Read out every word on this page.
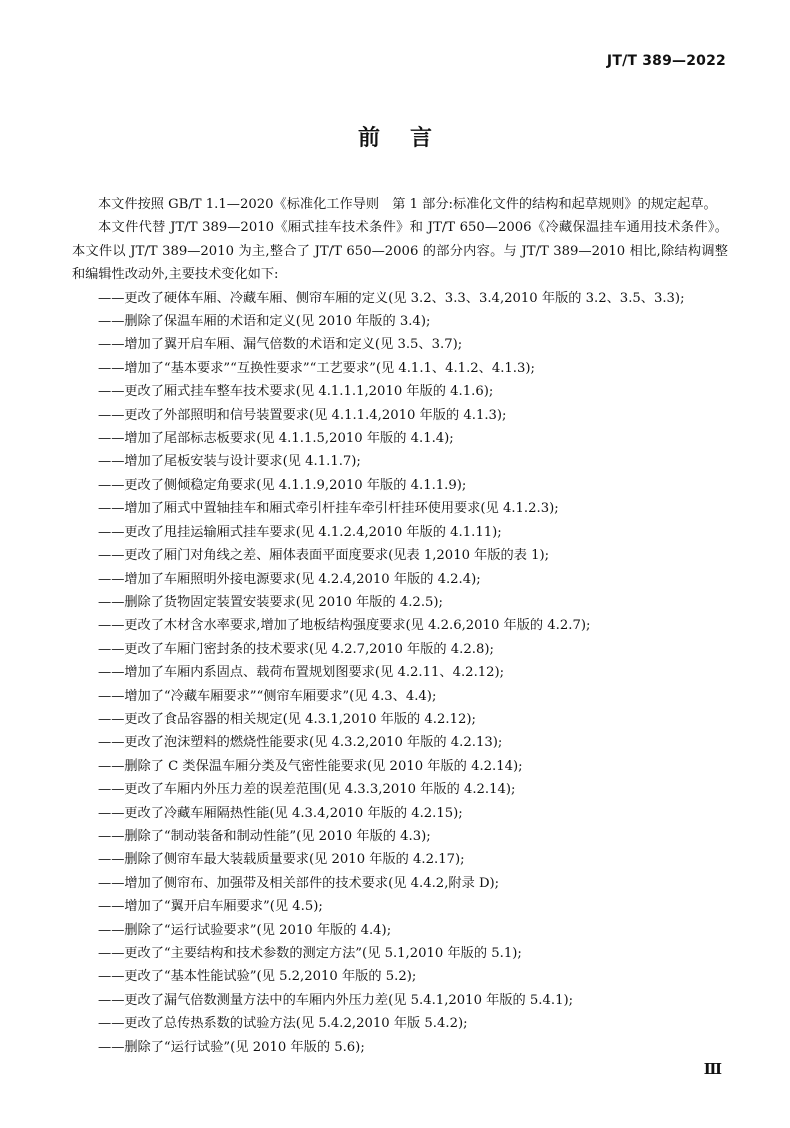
JT/T 389—2022
前言

本文件按照 GB/T 1.1—2020《标准化工作导则　第 1 部分:标准化文件的结构和起草规则》的规定起草。

本文件代替 JT/T 389—2010《厢式挂车技术条件》和 JT/T 650—2006《冷藏保温挂车通用技术条件》。本文件以 JT/T 389—2010 为主,整合了 JT/T 650—2006 的部分内容。与 JT/T 389—2010 相比,除结构调整和编辑性改动外,主要技术变化如下:

——更改了硬体车厢、冷藏车厢、侧帘车厢的定义(见 3.2、3.3、3.4,2010 年版的 3.2、3.5、3.3);

——删除了保温车厢的术语和定义(见 2010 年版的 3.4);

——增加了翼开启车厢、漏气倍数的术语和定义(见 3.5、3.7);

——增加了“基本要求”“互换性要求”“工艺要求”(见 4.1.1、4.1.2、4.1.3);

——更改了厢式挂车整车技术要求(见 4.1.1.1,2010 年版的 4.1.6);

——更改了外部照明和信号装置要求(见 4.1.1.4,2010 年版的 4.1.3);

——增加了尾部标志板要求(见 4.1.1.5,2010 年版的 4.1.4);

——增加了尾板安装与设计要求(见 4.1.1.7);

——更改了侧倾稳定角要求(见 4.1.1.9,2010 年版的 4.1.1.9);

——增加了厢式中置轴挂车和厢式牵引杆挂车牵引杆挂环使用要求(见 4.1.2.3);

——更改了甩挂运输厢式挂车要求(见 4.1.2.4,2010 年版的 4.1.11);

——更改了厢门对角线之差、厢体表面平面度要求(见表 1,2010 年版的表 1);

——增加了车厢照明外接电源要求(见 4.2.4,2010 年版的 4.2.4);

——删除了货物固定装置安装要求(见 2010 年版的 4.2.5);

——更改了木材含水率要求,增加了地板结构强度要求(见 4.2.6,2010 年版的 4.2.7);

——更改了车厢门密封条的技术要求(见 4.2.7,2010 年版的 4.2.8);

——增加了车厢内系固点、载荷布置规划图要求(见 4.2.11、4.2.12);

——增加了“冷藏车厢要求”“侧帘车厢要求”(见 4.3、4.4);

——更改了食品容器的相关规定(见 4.3.1,2010 年版的 4.2.12);

——更改了泡沫塑料的燃烧性能要求(见 4.3.2,2010 年版的 4.2.13);

——删除了 C 类保温车厢分类及气密性能要求(见 2010 年版的 4.2.14);

——更改了车厢内外压力差的误差范围(见 4.3.3,2010 年版的 4.2.14);

——更改了冷藏车厢隔热性能(见 4.3.4,2010 年版的 4.2.15);

——删除了“制动装备和制动性能”(见 2010 年版的 4.3);

——删除了侧帘车最大装载质量要求(见 2010 年版的 4.2.17);

——增加了侧帘布、加强带及相关部件的技术要求(见 4.4.2,附录 D);

——增加了“翼开启车厢要求”(见 4.5);

——删除了“运行试验要求”(见 2010 年版的 4.4);

——更改了“主要结构和技术参数的测定方法”(见 5.1,2010 年版的 5.1);

——更改了“基本性能试验”(见 5.2,2010 年版的 5.2);

——更改了漏气倍数测量方法中的车厢内外压力差(见 5.4.1,2010 年版的 5.4.1);

——更改了总传热系数的试验方法(见 5.4.2,2010 年版 5.4.2);

——删除了“运行试验”(见 2010 年版的 5.6);

Ⅲ
